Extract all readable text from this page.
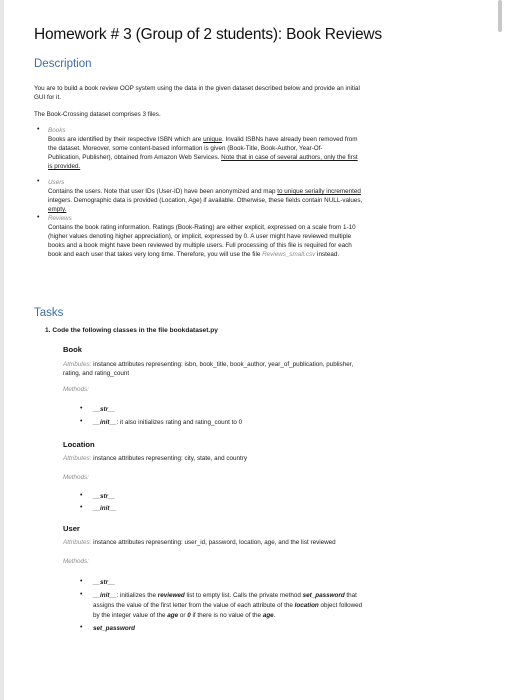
Homework # 3 (Group of 2 students): Book Reviews
Description
You are to build a book review OOP system using the data in the given dataset described below and provide an initial
GUI for it.
The Book-Crossing dataset comprises 3 files.
• Books
Books are identified by their respective ISBN which are unique. Invalid ISBNs have already been removed from
the dataset. Moreover, some content-based information is given (Book-Title, Book-Author, Year-Of-
Publication, Publisher), obtained from Amazon Web Services. Note that in case of several authors, only the first
is provided.
• Users
Contains the users. Note that user IDs (User-ID) have been anonymized and map to unique serially incremented
integers. Demographic data is provided (Location, Age) if available. Otherwise, these fields contain NULL-values,
empty.
• Reviews
Contains the book rating information. Ratings (Book-Rating) are either explicit, expressed on a scale from 1-10
(higher values denoting higher appreciation), or implicit, expressed by 0. A user might have reviewed multiple
books and a book might have been reviewed by multiple users. Full processing of this file is required for each
book and each user that takes very long time. Therefore, you will use the file Reviews_small.csv instead.
Tasks
1. Code the following classes in the file bookdataset.py
Book
Attributes: instance attributes representing: isbn, book_title, book_author, year_of_publication, publisher,
rating, and rating_count
Methods:
• __str__
• __init__: it also initializes rating and rating_count to 0
Location
Attributes: instance attributes representing: city, state, and country
Methods:
• __str__
• __init__
User
Attributes: instance attributes representing: user_id, password, location, age, and the list reviewed
Methods:
• __str__
• __init__: initializes the reviewed list to empty list. Calls the private method set_password that
assigns the value of the first letter from the value of each attribute of the location object followed
by the integer value of the age or 0 if there is no value of the age.
• set_password
